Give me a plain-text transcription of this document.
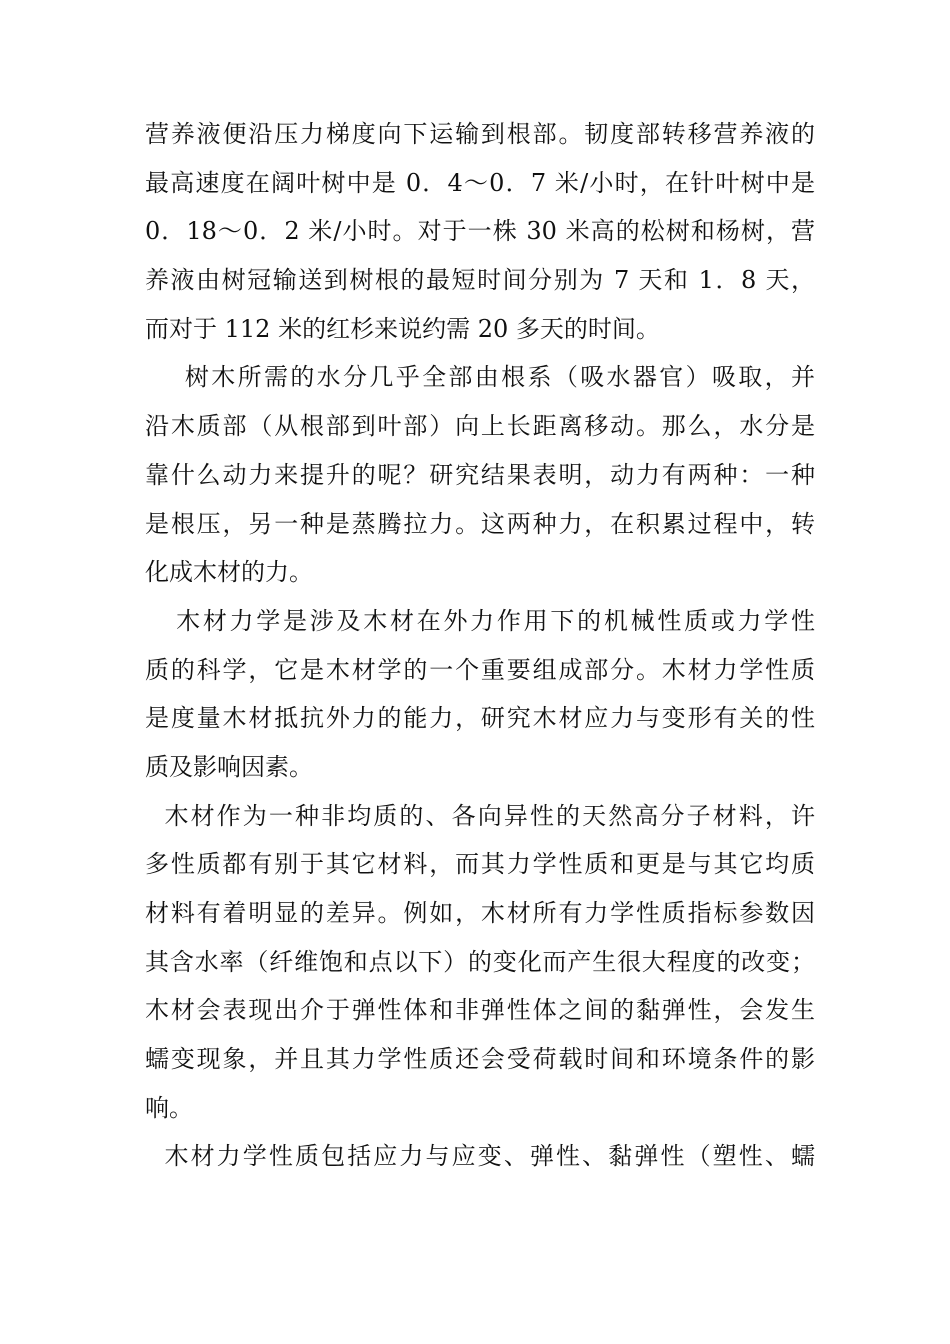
营养液便沿压力梯度向下运输到根部。韧度部转移营养液的
最高速度在阔叶树中是 0．4～0．7 米/小时，在针叶树中是
0．18～0．2 米/小时。对于一株 30 米高的松树和杨树，营
养液由树冠输送到树根的最短时间分别为 7 天和 1．8 天，
而对于 112 米的红杉来说约需 20 多天的时间。
树木所需的水分几乎全部由根系（吸水器官）吸取，并
沿木质部（从根部到叶部）向上长距离移动。那么，水分是
靠什么动力来提升的呢？研究结果表明，动力有两种：一种
是根压，另一种是蒸腾拉力。这两种力，在积累过程中，转
化成木材的力。
木材力学是涉及木材在外力作用下的机械性质或力学性
质的科学，它是木材学的一个重要组成部分。木材力学性质
是度量木材抵抗外力的能力，研究木材应力与变形有关的性
质及影响因素。
木材作为一种非均质的、各向异性的天然高分子材料，许
多性质都有别于其它材料，而其力学性质和更是与其它均质
材料有着明显的差异。例如，木材所有力学性质指标参数因
其含水率（纤维饱和点以下）的变化而产生很大程度的改变；
木材会表现出介于弹性体和非弹性体之间的黏弹性，会发生
蠕变现象，并且其力学性质还会受荷载时间和环境条件的影
响。
木材力学性质包括应力与应变、弹性、黏弹性（塑性、蠕
